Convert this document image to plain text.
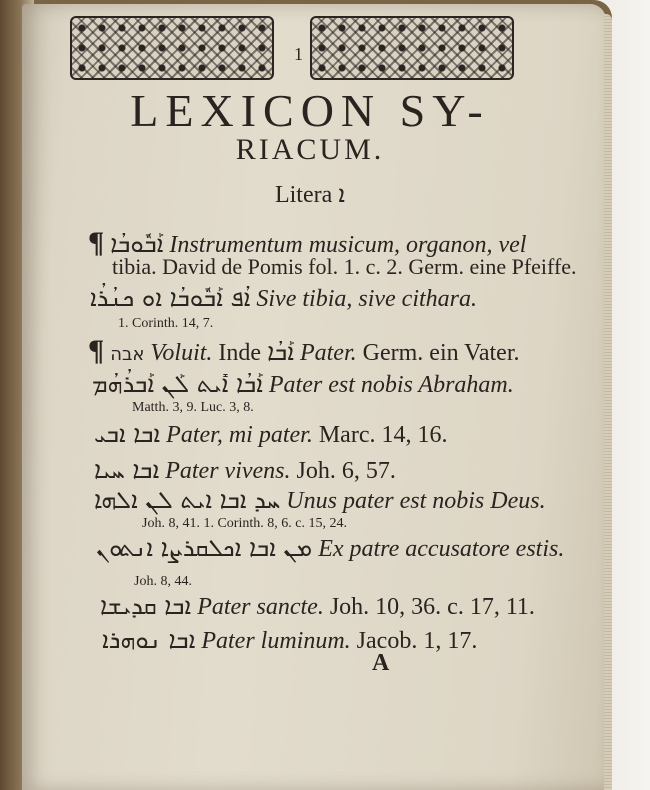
1
LEXICON SY-
RIACUM.
Litera ܐ
¶ ܐܰܒܽܘܒܳܐ Instrumentum musicum, organon, vel
tibia. David de Pomis fol. 1. c. 2. Germ. eine Pfeiffe.
ܐܳܦ ܐܰܒܽܘܒܳܐ ܐܘ ܟܢܳܪܳܐ Sive tibia, sive cithara.
1. Corinth. 14, 7.
¶ אבה Voluit. Inde ܐܰܒܳܐ Pater. Germ. ein Vater.
ܐܰܒܳܐ ܐܺܝܬ ܠܰܢ ܐܰܒܪܳܗܳܡ Pater est nobis Abraham.
Matth. 3, 9. Luc. 3, 8.
ܐܒܐ ܐܒܝ Pater, mi pater. Marc. 14, 16.
ܐܒܐ ܚܝܐ Pater vivens. Joh. 6, 57.
ܚܕ ܐܒܐ ܐܝܬ ܠܢ ܐܠܗܐ Unus pater est nobis Deus.
Joh. 8, 41. 1. Corinth. 8, 6. c. 15, 24.
ܡܢ ܐܒܐ ܐܟܠܩܪܨܐ ܐܢܬܘܢ Ex patre accusatore estis.
Joh. 8, 44.
ܐܒܐ ܩܕܝܫܐ Pater sancte. Joh. 10, 36. c. 17, 11.
ܐܒܐ ܢܘܗܪܐ Pater luminum. Jacob. 1, 17.
A
